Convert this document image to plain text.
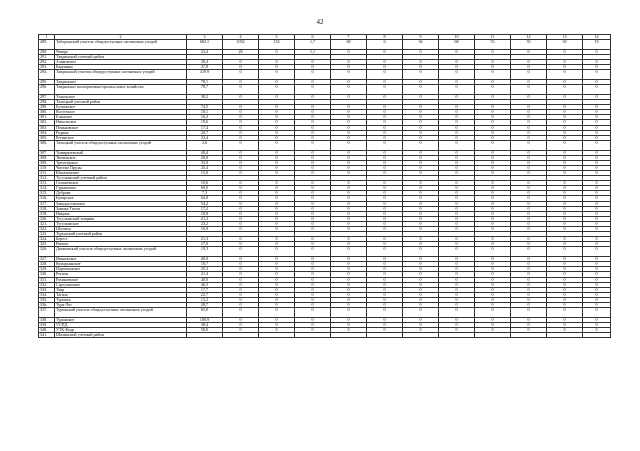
42
1	2	3	4	5	6	7	8	9	10	11	12	13	14
289.	Таборинский участок общедоступных охотничьих угодий	682,1	1032	154	1,7	68	6	36	68	53	35	30	19
290.	Чеверь	23,4	28	0	1,1	0	0	0	0	0	0	0	0
291.	Тавдинский учетный район												
292.	Азиковское	38,4	0	0	0	0	0	0	0	0	0	0	0
293.	Карпинко	47,8	0	0	0	0	0	0	0	0	0	0	0
294.	Тавдинский участок общедоступных охотничьих угодий	419,9	0	0	0	0	0	0	0	0	0	0	0
295.	Тавдинское	78,1	0	0	0	0	0	0	0	0	0	0	0
296.	Тавдинское кооперативно-промысловое хозяйство	78,7	0	0	0	0	0	0	0	0	0	0	0
297.	Ушальское	38,2	0	0	0	0	0	0	0	0	0	0	0
298.	Талицкий учетный район												
299.	Бутковское	74,5	0	0	0	0	0	0	0	0	0	0	0
300.	Восточное	18,1	0	0	0	0	0	0	0	0	0	0	0
301.	Еланское	16,2	0	0	0	0	0	0	0	0	0	0	0
302.	Никольское	19,6	0	0	0	0	0	0	0	0	0	0	0
303.	Пеньковское	17,4	0	0	0	0	0	0	0	0	0	0	0
304.	Родина	20,7	0	0	0	0	0	0	0	0	0	0	0
305.	Ретинское	23,4	0	0	0	0	0	0	0	0	0	0	0
306.	Талицкий участок общедоступных охотничьих угодий	2,6	0	0	0	0	0	0	0	0	0	0	0
307.	Тимирязевский	40,4	0	0	0	0	0	0	0	0	0	0	0
308.	Тюменское	20,0	0	0	0	0	0	0	0	0	0	0	0
309.	Трехозерное	33,9	0	0	0	0	0	0	0	0	0	0	0
310.	Чистые Пруды	25,4	0	0	0	0	0	0	0	0	0	0	0
311.	Юшалинское	15,0	0	0	0	0	0	0	0	0	0	0	0
312.	Тугулымский учетный район												
313.	Галашевское	10,6	0	0	0	0	0	0	0	0	0	0	0
314.	Гурьинское	69,0	0	0	0	0	0	0	0	0	0	0	0
315.	Дубрава	7,3	0	0	0	0	0	0	0	0	0	0	0
316.	Ертарское	64,8	0	0	0	0	0	0	0	0	0	0	0
317.	Заводоуспенское	54,2	0	0	0	0	0	0	0	0	0	0	0
318.	Заимка Тихая	17,2	0	0	0	0	0	0	0	0	0	0	0
319.	Ницинь	18,8	0	0	0	0	0	0	0	0	0	0	0
320.	Тугулымский хищник	21,3	0	0	0	0	0	0	0	0	0	0	0
321.	Тугулымское	23,2	0	0	0	0	0	0	0	0	0	0	0
322.	Шумиха	16,9	0	0	0	0	0	0	0	0	0	0	0
323.	Туринский учетный район												
324.	Берест	21,3	0	0	0	0	0	0	0	0	0	0	0
325.	Вагиль	27,0	0	0	0	0	0	0	0	0	0	0	0
326.	Дымковский участок общедоступных охотничьих угодий	19,3	0	0	0	0	0	0	0	0	0	0	0
327.	Ивановское	40,0	0	0	0	0	0	0	0	0	0	0	0
328.	Кумарьинское	18,7	0	0	0	0	0	0	0	0	0	0	0
329.	Порошинское	35,3	0	0	0	0	0	0	0	0	0	0	0
330.	Регион	21,4	0	0	0	0	0	0	0	0	0	0	0
331.	Романовское	40,0	0	0	0	0	0	0	0	0	0	0	0
332.	Саргулинское	46,5	0	0	0	0	0	0	0	0	0	0	0
333.	Тавр	17,7	0	0	0	0	0	0	0	0	0	0	0
334.	Тагиль	22,7	0	0	0	0	0	0	0	0	0	0	0
335.	Туринск	13,2	0	0	0	0	0	0	0	0	0	0	0
336.	Тура-Лес	28,7	0	0	0	0	0	0	0	0	0	0	0
337.	Туринский участок общедоступных охотничьих угодий	65,0	0	0	0	0	0	0	0	0	0	0	0
338.	Туринское	100,9	0	0	0	0	0	0	0	0	0	0	0
339.	УСПД	38,4	0	0	0	0	0	0	0	0	0	0	0
340.	УТК-Кедр	58,0	0	0	0	0	0	0	0	0	0	0	0
341.	Шалинский учетный район												
